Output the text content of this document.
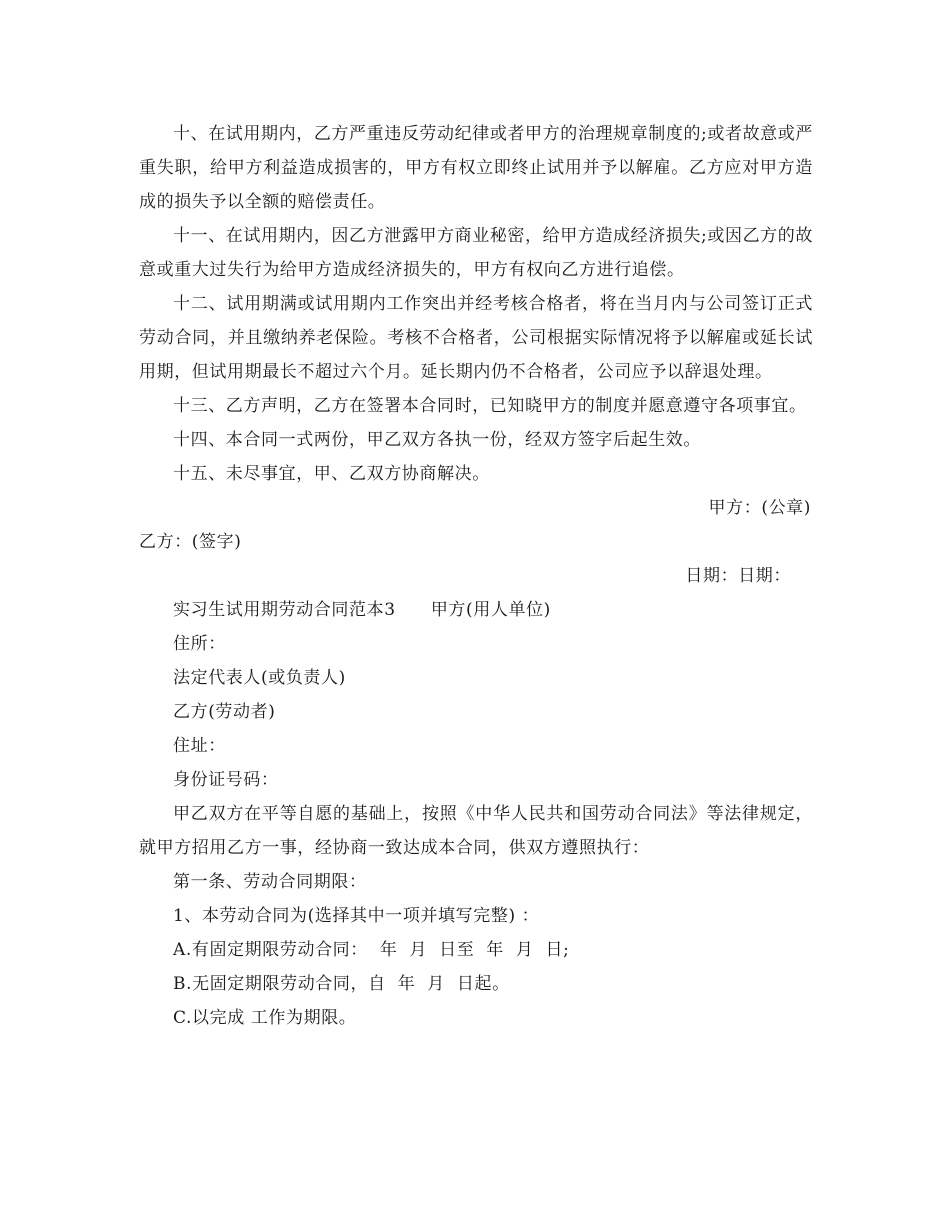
十、在试用期内，乙方严重违反劳动纪律或者甲方的治理规章制度的;或者故意或严重失职，给甲方利益造成损害的，甲方有权立即终止试用并予以解雇。乙方应对甲方造成的损失予以全额的赔偿责任。

十一、在试用期内，因乙方泄露甲方商业秘密，给甲方造成经济损失;或因乙方的故意或重大过失行为给甲方造成经济损失的，甲方有权向乙方进行追偿。

十二、试用期满或试用期内工作突出并经考核合格者，将在当月内与公司签订正式劳动合同，并且缴纳养老保险。考核不合格者，公司根据实际情况将予以解雇或延长试用期，但试用期最长不超过六个月。延长期内仍不合格者，公司应予以辞退处理。

十三、乙方声明，乙方在签署本合同时，已知晓甲方的制度并愿意遵守各项事宜。

十四、本合同一式两份，甲乙双方各执一份，经双方签字后起生效。

十五、未尽事宜，甲、乙双方协商解决。

甲方：(公章)

乙方：(签字)

日期：日期：

实习生试用期劳动合同范本3　　甲方(用人单位)

住所：

法定代表人(或负责人)

乙方(劳动者)

住址：

身份证号码：

甲乙双方在平等自愿的基础上，按照《中华人民共和国劳动合同法》等法律规定，就甲方招用乙方一事，经协商一致达成本合同，供双方遵照执行：

第一条、劳动合同期限：

1、本劳动合同为(选择其中一项并填写完整) ：

A.有固定期限劳动合同：  年  月  日至  年  月  日;

B.无固定期限劳动合同，自  年  月  日起。

C.以完成 工作为期限。
